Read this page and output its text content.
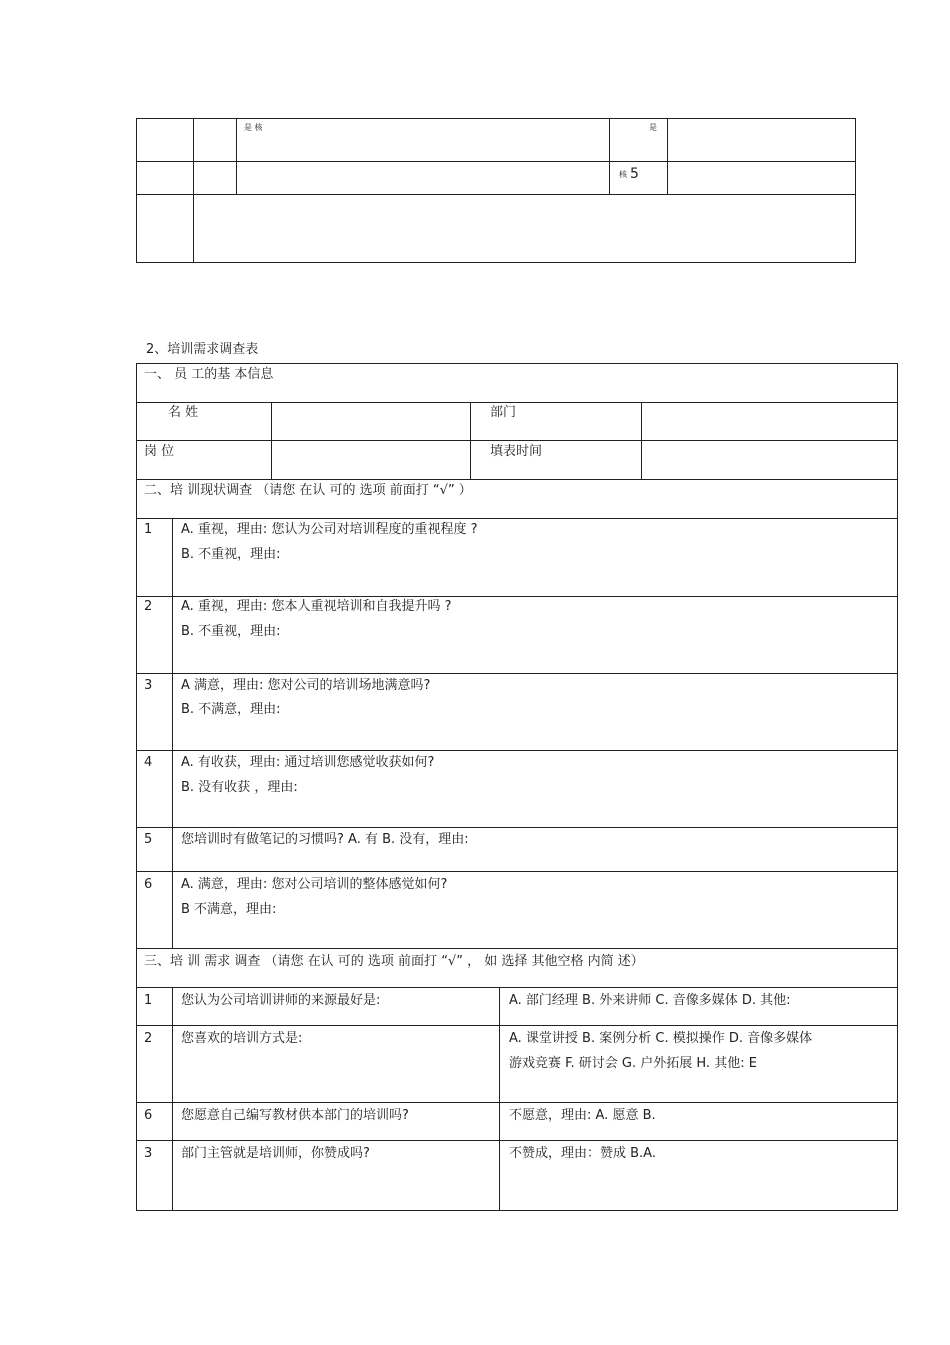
是 核	是
核 5
2、培训需求调查表
一、 员 工的基 本信息
名 姓	部门
岗 位	填表时间
二、培 训现状调查 （请您 在认 可的 选项 前面打 “√” ）
1 A. 重视，理由: 您认为公司对培训程度的重视程度 ?
B. 不重视，理由:
2 A. 重视，理由: 您本人重视培训和自我提升吗 ?
B. 不重视，理由:
3 A 满意，理由: 您对公司的培训场地满意吗?
B. 不满意，理由:
4 A. 有收获，理由: 通过培训您感觉收获如何?
B. 没有收获 ，理由:
5 您培训时有做笔记的习惯吗? A. 有 B. 没有，理由:
6 A. 满意，理由: 您对公司培训的整体感觉如何?
B 不满意，理由:
三、培 训 需求 调查 （请您 在认 可的 选项 前面打 “√” ， 如 选择 其他空格 内简 述）
1 您认为公司培训讲师的来源最好是:	A. 部门经理 B. 外来讲师 C. 音像多媒体 D. 其他:
2 您喜欢的培训方式是:	A. 课堂讲授 B. 案例分析 C. 模拟操作 D. 音像多媒体
游戏竞赛 F. 研讨会 G. 户外拓展 H. 其他: E
6 您愿意自己编写教材供本部门的培训吗?	不愿意，理由: A. 愿意 B.
3 部门主管就是培训师，你赞成吗?	不赞成，理由：赞成 B.A.
